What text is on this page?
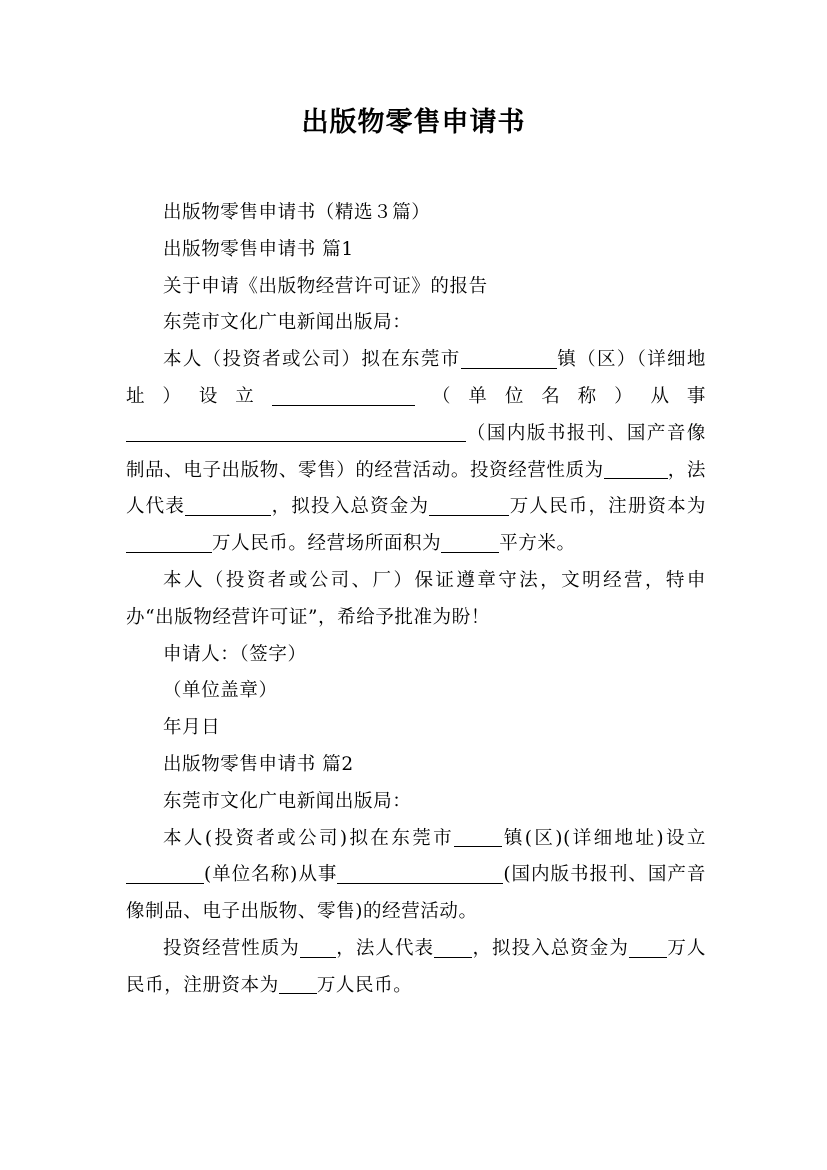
出版物零售申请书

出版物零售申请书（精选３篇）

出版物零售申请书 篇1

关于申请《出版物经营许可证》的报告

东莞市文化广电新闻出版局：

本人（投资者或公司）拟在东莞市	镇（区）（详细地址）设立	（单位名称）从事（国内版书报刊、国产音像制品、电子出版物、零售）的经营活动。投资经营性质为	，法人代表	，拟投入总资金为	万人民币，注册资本为万人民币。经营场所面积为	平方米。

本人（投资者或公司、厂）保证遵章守法，文明经营，特申办“出版物经营许可证”，希给予批准为盼！

申请人：（签字）

（单位盖章）

年月日

出版物零售申请书 篇2

东莞市文化广电新闻出版局：

本人(投资者或公司)拟在东莞市	镇(区)(详细地址)设立(单位名称)从事	(国内版书报刊、国产音像制品、电子出版物、零售)的经营活动。

投资经营性质为 ，法人代表 ，拟投入总资金为 万人民币，注册资本为 万人民币。
